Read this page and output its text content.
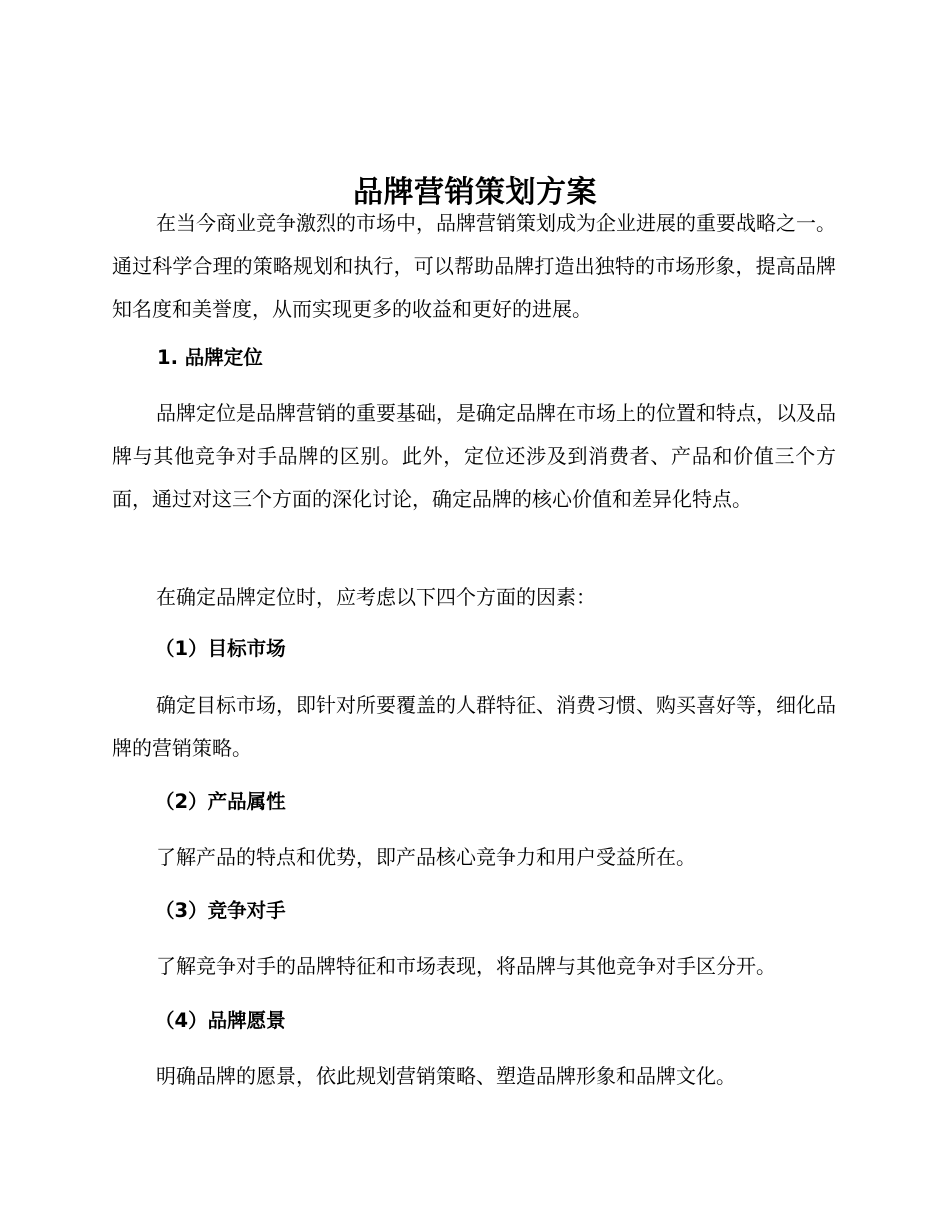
品牌营销策划方案

在当今商业竞争激烈的市场中，品牌营销策划成为企业进展的重要战略之一。通过科学合理的策略规划和执行，可以帮助品牌打造出独特的市场形象，提高品牌知名度和美誉度，从而实现更多的收益和更好的进展。

1. 品牌定位

品牌定位是品牌营销的重要基础，是确定品牌在市场上的位置和特点，以及品牌与其他竞争对手品牌的区别。此外，定位还涉及到消费者、产品和价值三个方面，通过对这三个方面的深化讨论，确定品牌的核心价值和差异化特点。

在确定品牌定位时，应考虑以下四个方面的因素：

（1）目标市场

确定目标市场，即针对所要覆盖的人群特征、消费习惯、购买喜好等，细化品牌的营销策略。

（2）产品属性

了解产品的特点和优势，即产品核心竞争力和用户受益所在。

（3）竞争对手

了解竞争对手的品牌特征和市场表现，将品牌与其他竞争对手区分开。

（4）品牌愿景

明确品牌的愿景，依此规划营销策略、塑造品牌形象和品牌文化。
